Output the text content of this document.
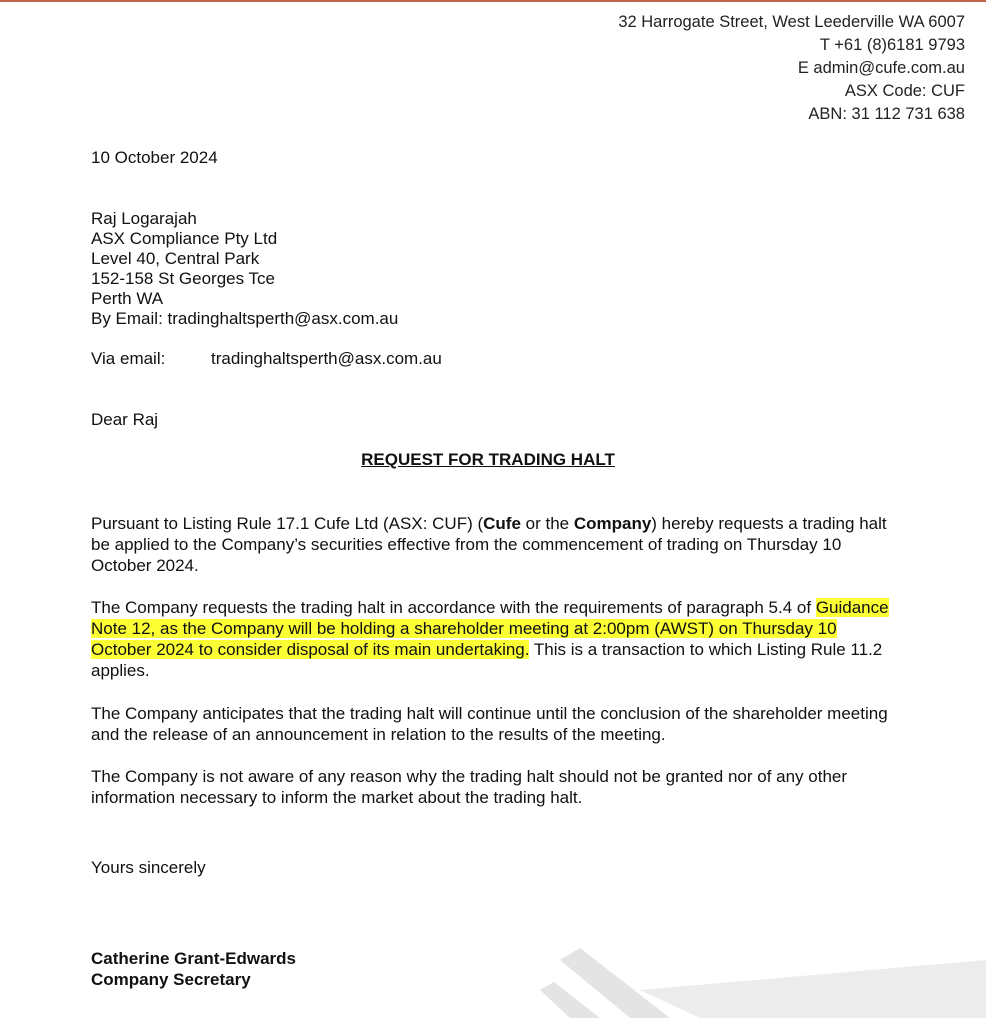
32 Harrogate Street, West Leederville WA 6007
T +61 (8)6181 9793
E admin@cufe.com.au
ASX Code: CUF
ABN: 31 112 731 638
10 October 2024
Raj Logarajah
ASX Compliance Pty Ltd
Level 40, Central Park
152-158 St Georges Tce
Perth WA
By Email: tradinghaltsperth@asx.com.au
Via email:	tradinghaltsperth@asx.com.au
Dear Raj
REQUEST FOR TRADING HALT
Pursuant to Listing Rule 17.1 Cufe Ltd (ASX: CUF) (Cufe or the Company) hereby requests a trading halt be applied to the Company’s securities effective from the commencement of trading on Thursday 10 October 2024.
The Company requests the trading halt in accordance with the requirements of paragraph 5.4 of Guidance Note 12, as the Company will be holding a shareholder meeting at 2:00pm (AWST) on Thursday 10 October 2024 to consider disposal of its main undertaking. This is a transaction to which Listing Rule 11.2 applies.
The Company anticipates that the trading halt will continue until the conclusion of the shareholder meeting and the release of an announcement in relation to the results of the meeting.
The Company is not aware of any reason why the trading halt should not be granted nor of any other information necessary to inform the market about the trading halt.
Yours sincerely
Catherine Grant-Edwards
Company Secretary
